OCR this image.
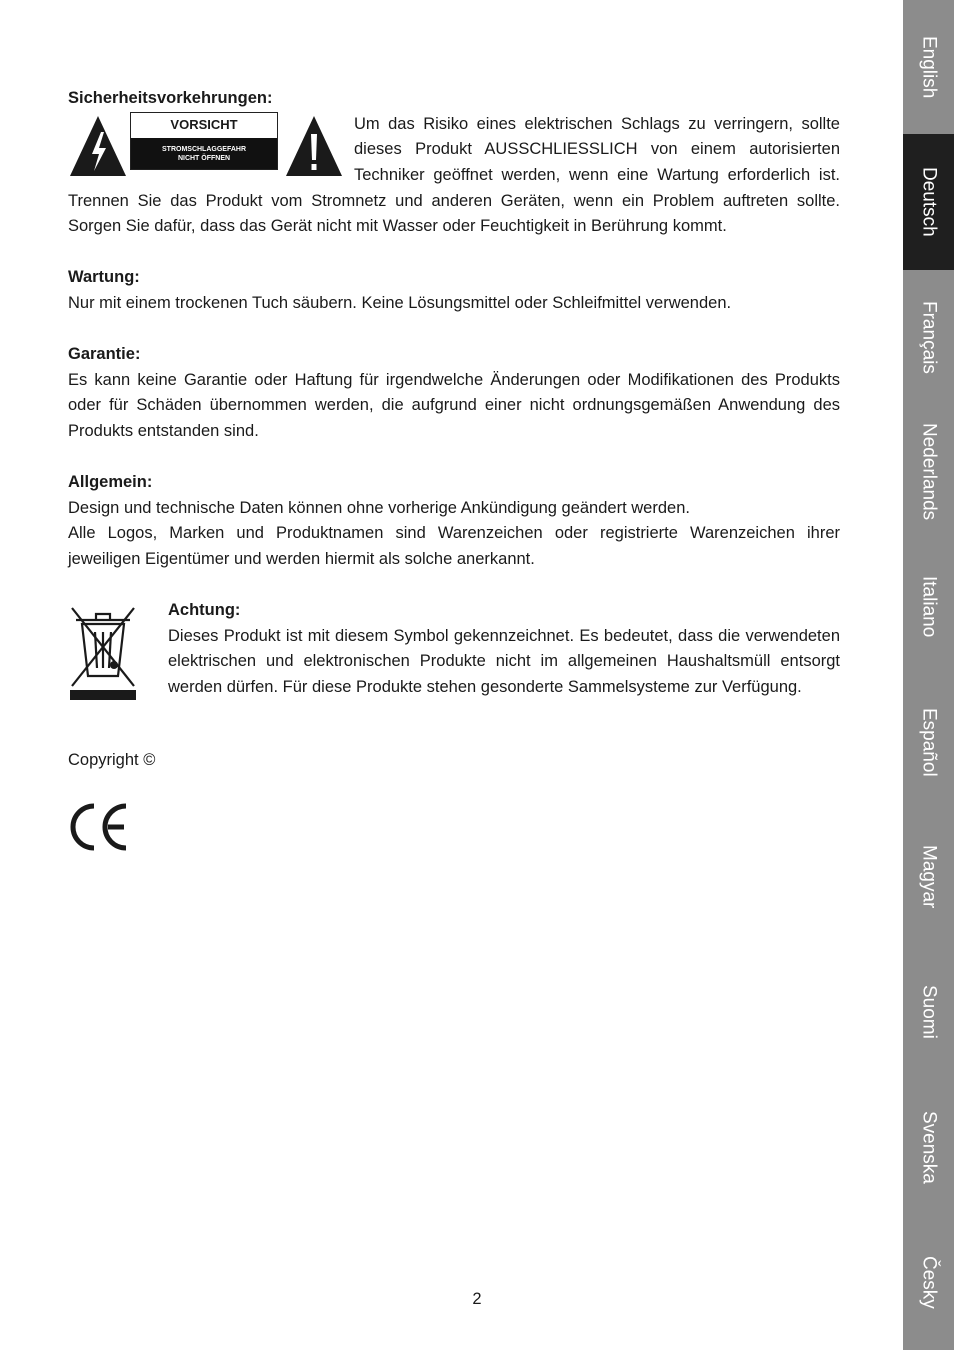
Sicherheitsvorkehrungen:
VORSICHT
STROMSCHLAGGEFAHR
NICHT ÖFFNEN
Um das Risiko eines elektrischen Schlags zu verringern, sollte
dieses Produkt AUSSCHLIESSLICH von einem autorisierten
Techniker geöffnet werden, wenn eine Wartung erforderlich ist.

Trennen Sie das Produkt vom Stromnetz und anderen Geräten, wenn ein Problem auftreten sollte. Sorgen Sie dafür, dass das Gerät nicht mit Wasser oder Feuchtigkeit in Berührung kommt.

Wartung:

Nur mit einem trockenen Tuch säubern. Keine Lösungsmittel oder Schleifmittel verwenden.

Garantie:

Es kann keine Garantie oder Haftung für irgendwelche Änderungen oder Modifikationen des Produkts oder für Schäden übernommen werden, die aufgrund einer nicht ordnungsgemäßen Anwendung des Produkts entstanden sind.

Allgemein:

Design und technische Daten können ohne vorherige Ankündigung geändert werden.

Alle Logos, Marken und Produktnamen sind Warenzeichen oder registrierte Warenzeichen ihrer jeweiligen Eigentümer und werden hiermit als solche anerkannt.

Achtung:

Dieses Produkt ist mit diesem Symbol gekennzeichnet. Es bedeutet, dass die verwendeten elektrischen und elektronischen Produkte nicht im allgemeinen Haushaltsmüll entsorgt werden dürfen. Für diese Produkte stehen gesonderte Sammelsysteme zur Verfügung.

Copyright ©
2
English
Deutsch
Français
Nederlands
Italiano
Español
Magyar
Suomi
Svenska
Česky
